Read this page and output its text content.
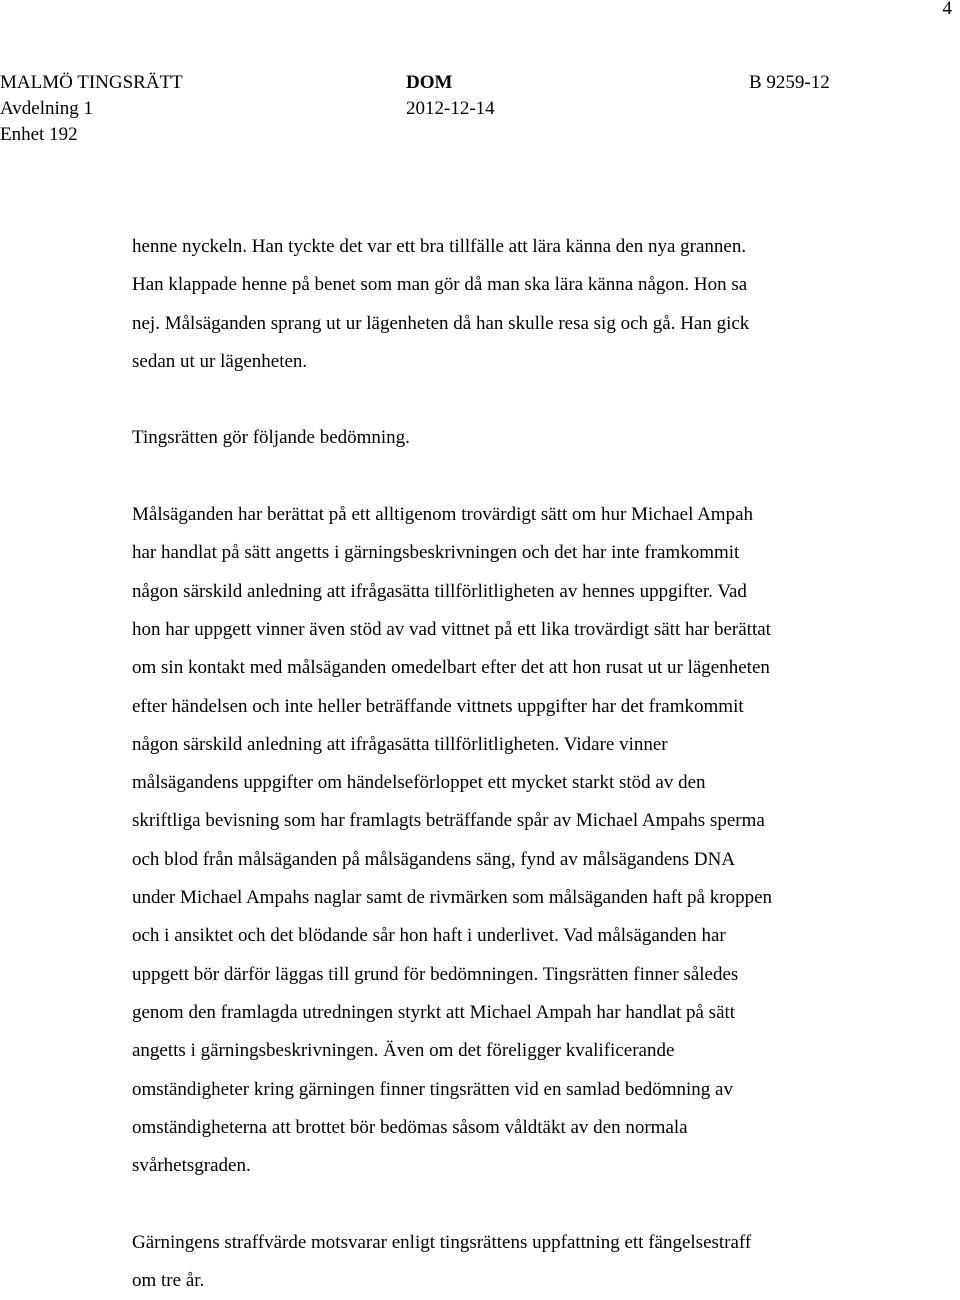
4
MALMÖ TINGSRÄTT
Avdelning 1
Enhet 192
DOM
2012-12-14
B 9259-12
henne nyckeln. Han tyckte det var ett bra tillfälle att lära känna den nya grannen.
Han klappade henne på benet som man gör då man ska lära känna någon. Hon sa
nej. Målsäganden sprang ut ur lägenheten då han skulle resa sig och gå. Han gick
sedan ut ur lägenheten.
Tingsrätten gör följande bedömning.
Målsäganden har berättat på ett alltigenom trovärdigt sätt om hur Michael Ampah
har handlat på sätt angetts i gärningsbeskrivningen och det har inte framkommit
någon särskild anledning att ifrågasätta tillförlitligheten av hennes uppgifter. Vad
hon har uppgett vinner även stöd av vad vittnet på ett lika trovärdigt sätt har berättat
om sin kontakt med målsäganden omedelbart efter det att hon rusat ut ur lägenheten
efter händelsen och inte heller beträffande vittnets uppgifter har det framkommit
någon särskild anledning att ifrågasätta tillförlitligheten. Vidare vinner
målsägandens uppgifter om händelseförloppet ett mycket starkt stöd av den
skriftliga bevisning som har framlagts beträffande spår av Michael Ampahs sperma
och blod från målsäganden på målsägandens säng, fynd av målsägandens DNA
under Michael Ampahs naglar samt de rivmärken som målsäganden haft på kroppen
och i ansiktet och det blödande sår hon haft i underlivet. Vad målsäganden har
uppgett bör därför läggas till grund för bedömningen. Tingsrätten finner således
genom den framlagda utredningen styrkt att Michael Ampah har handlat på sätt
angetts i gärningsbeskrivningen. Även om det föreligger kvalificerande
omständigheter kring gärningen finner tingsrätten vid en samlad bedömning av
omständigheterna att brottet bör bedömas såsom våldtäkt av den normala
svårhetsgraden.
Gärningens straffvärde motsvarar enligt tingsrättens uppfattning ett fängelsestraff
om tre år.
